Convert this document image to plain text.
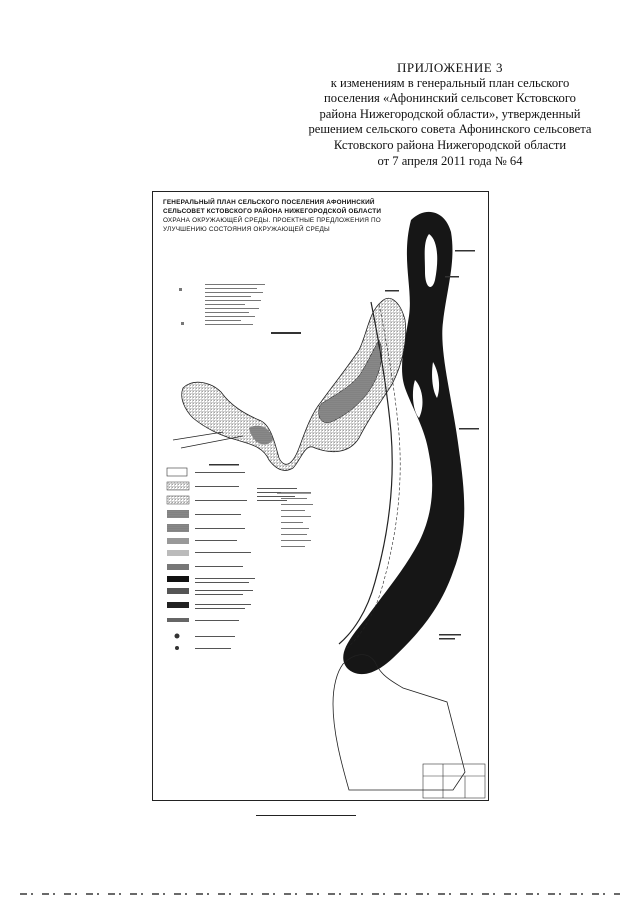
ПРИЛОЖЕНИЕ 3
к изменениям в генеральный план сельского
поселения «Афонинский сельсовет Кстовского
района Нижегородской области», утвержденный
решением сельского совета Афонинского сельсовета
Кстовского района Нижегородской области
от 7 апреля 2011 года № 64
ГЕНЕРАЛЬНЫЙ ПЛАН СЕЛЬСКОГО ПОСЕЛЕНИЯ АФОНИНСКИЙ
СЕЛЬСОВЕТ КСТОВСКОГО РАЙОНА НИЖЕГОРОДСКОЙ ОБЛАСТИ
ОХРАНА ОКРУЖАЮЩЕЙ СРЕДЫ. ПРОЕКТНЫЕ ПРЕДЛОЖЕНИЯ ПО
УЛУЧШЕНИЮ СОСТОЯНИЯ ОКРУЖАЮЩЕЙ СРЕДЫ
